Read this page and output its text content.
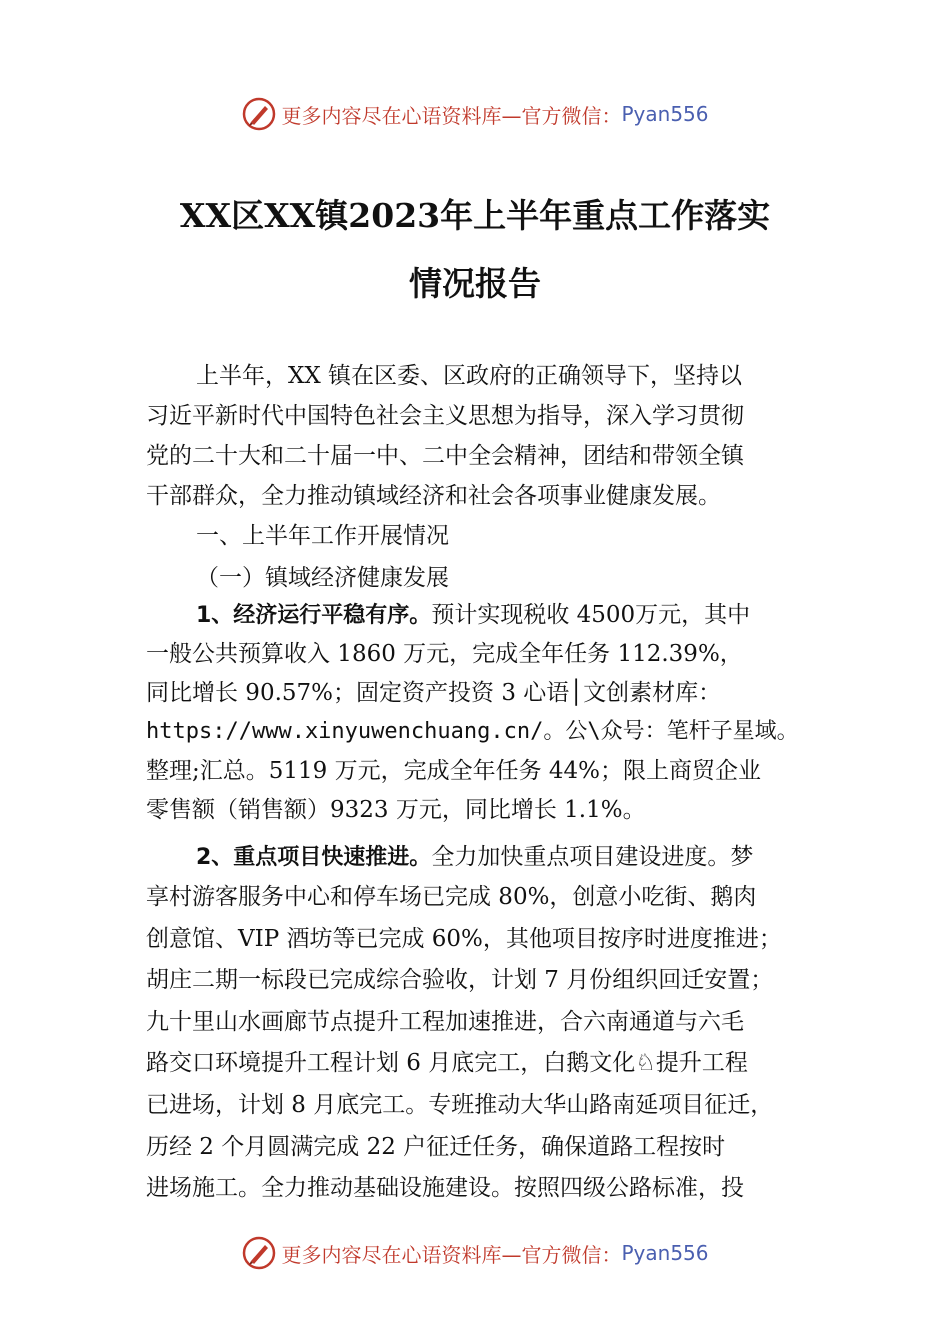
更多内容尽在心语资料库—官方微信： Pyan556
XX区XX镇2023年上半年重点工作落实
情况报告
上半年，XX 镇在区委、区政府的正确领导下，坚持以
习近平新时代中国特色社会主义思想为指导，深入学习贯彻
党的二十大和二十届一中、二中全会精神，团结和带领全镇
干部群众，全力推动镇域经济和社会各项事业健康发展。
一、上半年工作开展情况
（一）镇域经济健康发展
1、经济运行平稳有序。预计实现税收 4500万元，其中
一般公共预算收入 1860 万元，完成全年任务 112.39%，
同比增长 90.57%；固定资产投资 3 心语│文创素材库：
https://www.xinyuwenchuang.cn/。公\众号：笔杆子星域。
整理;汇总。5119 万元，完成全年任务 44%；限上商贸企业
零售额（销售额）9323 万元，同比增长 1.1%。
2、重点项目快速推进。全力加快重点项目建设进度。梦
享村游客服务中心和停车场已完成 80%，创意小吃街、鹅肉
创意馆、VIP 酒坊等已完成 60%，其他项目按序时进度推进；
胡庄二期一标段已完成综合验收，计划 7 月份组织回迁安置；
九十里山水画廊节点提升工程加速推进，合六南通道与六毛
路交口环境提升工程计划 6 月底完工，白鹅文化♘提升工程
已进场，计划 8 月底完工。专班推动大华山路南延项目征迁，
历经 2 个月圆满完成 22 户征迁任务，确保道路工程按时
进场施工。全力推动基础设施建设。按照四级公路标准，投
更多内容尽在心语资料库—官方微信： Pyan556
